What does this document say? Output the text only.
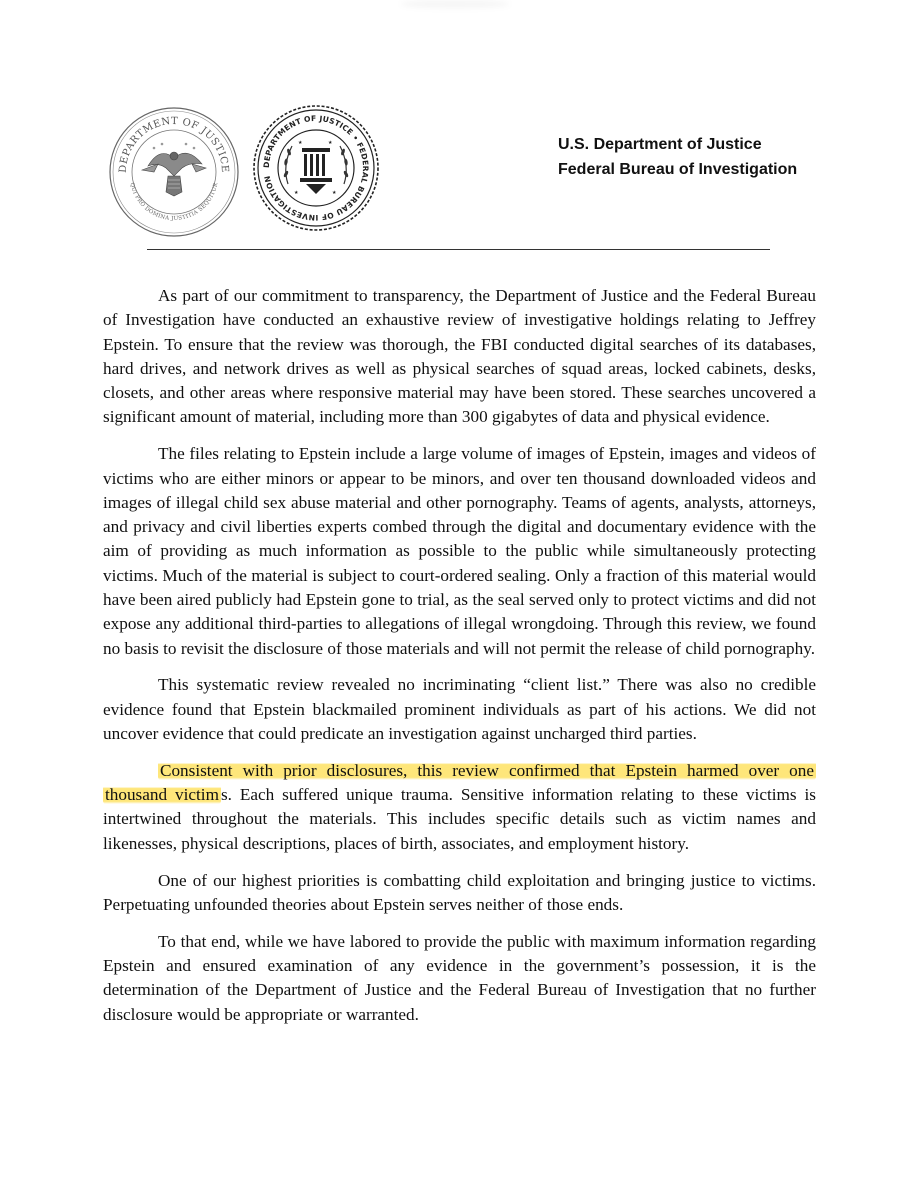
DEPARTMENT OF JUSTICE
QUI PRO DOMINA JUSTITIA SEQUITUR
DEPARTMENT OF JUSTICE • FEDERAL BUREAU OF INVESTIGATION
★	★
★	★	U.S. Department of Justice
Federal Bureau of Investigation

As part of our commitment to transparency, the Department of Justice and the Federal Bureau of Investigation have conducted an exhaustive review of investigative holdings relating to Jeffrey Epstein. To ensure that the review was thorough, the FBI conducted digital searches of its databases, hard drives, and network drives as well as physical searches of squad areas, locked cabinets, desks, closets, and other areas where responsive material may have been stored. These searches uncovered a significant amount of material, including more than 300 gigabytes of data and physical evidence.

The files relating to Epstein include a large volume of images of Epstein, images and videos of victims who are either minors or appear to be minors, and over ten thousand downloaded videos and images of illegal child sex abuse material and other pornography. Teams of agents, analysts, attorneys, and privacy and civil liberties experts combed through the digital and documentary evidence with the aim of providing as much information as possible to the public while simultaneously protecting victims. Much of the material is subject to court-ordered sealing. Only a fraction of this material would have been aired publicly had Epstein gone to trial, as the seal served only to protect victims and did not expose any additional third-parties to allegations of illegal wrongdoing. Through this review, we found no basis to revisit the disclosure of those materials and will not permit the release of child pornography.

This systematic review revealed no incriminating “client list.” There was also no credible evidence found that Epstein blackmailed prominent individuals as part of his actions. We did not uncover evidence that could predicate an investigation against uncharged third parties.

Consistent with prior disclosures, this review confirmed that Epstein harmed over one thousand victim s. Each suffered unique trauma. Sensitive information relating to these victims is intertwined throughout the materials. This includes specific details such as victim names and likenesses, physical descriptions, places of birth, associates, and employment history.

One of our highest priorities is combatting child exploitation and bringing justice to victims. Perpetuating unfounded theories about Epstein serves neither of those ends.

To that end, while we have labored to provide the public with maximum information regarding Epstein and ensured examination of any evidence in the government’s possession, it is the determination of the Department of Justice and the Federal Bureau of Investigation that no further disclosure would be appropriate or warranted.
